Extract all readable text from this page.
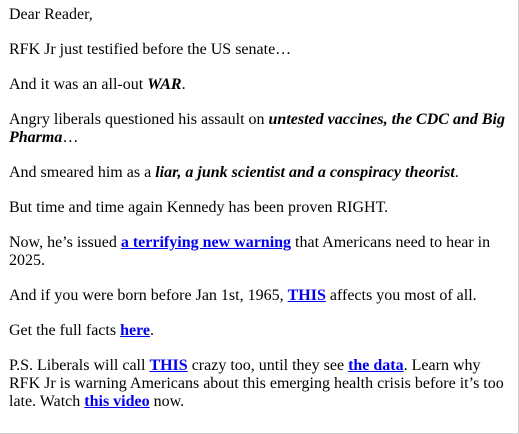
Dear Reader,

RFK Jr just testified before the US senate…

And it was an all-out WAR.

Angry liberals questioned his assault on untested vaccines, the CDC and Big Pharma…

And smeared him as a liar, a junk scientist and a conspiracy theorist.

But time and time again Kennedy has been proven RIGHT.

Now, he’s issued a terrifying new warning that Americans need to hear in 2025.

And if you were born before Jan 1st, 1965, THIS affects you most of all.

Get the full facts here.

P.S. Liberals will call THIS crazy too, until they see the data. Learn why RFK Jr is warning Americans about this emerging health crisis before it’s too late. Watch this video now.
